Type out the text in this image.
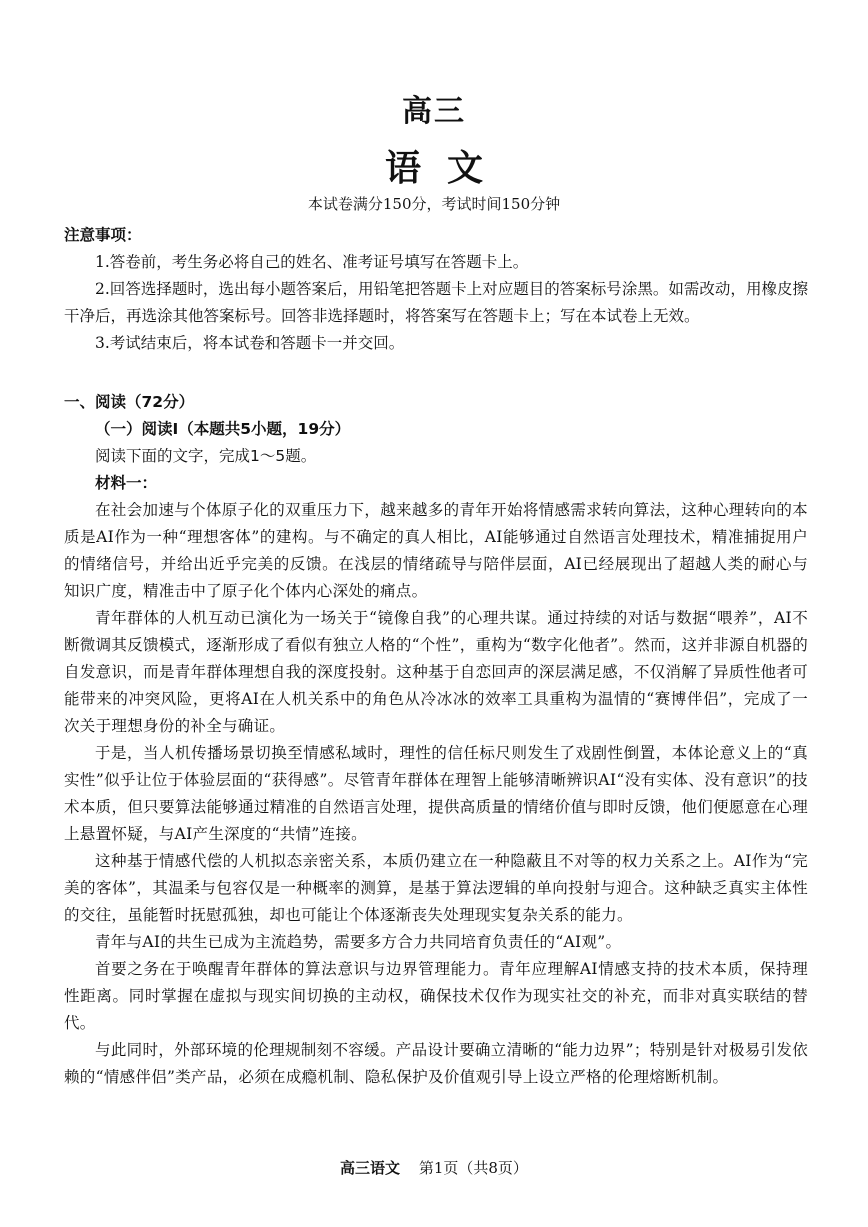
高三
语文
本试卷满分150分，考试时间150分钟
注意事项：

1.答卷前，考生务必将自己的姓名、准考证号填写在答题卡上。

2.回答选择题时，选出每小题答案后，用铅笔把答题卡上对应题目的答案标号涂黑。如需改动，用橡皮擦干净后，再选涂其他答案标号。回答非选择题时，将答案写在答题卡上；写在本试卷上无效。

3.考试结束后，将本试卷和答题卡一并交回。

一、阅读（72分）

（一）阅读Ⅰ（本题共5小题，19分）

阅读下面的文字，完成1～5题。

材料一：

在社会加速与个体原子化的双重压力下，越来越多的青年开始将情感需求转向算法，这种心理转向的本质是AI作为一种“理想客体”的建构。与不确定的真人相比，AI能够通过自然语言处理技术，精准捕捉用户的情绪信号，并给出近乎完美的反馈。在浅层的情绪疏导与陪伴层面，AI已经展现出了超越人类的耐心与知识广度，精准击中了原子化个体内心深处的痛点。

青年群体的人机互动已演化为一场关于“镜像自我”的心理共谋。通过持续的对话与数据“喂养”，AI不断微调其反馈模式，逐渐形成了看似有独立人格的“个性”，重构为“数字化他者”。然而，这并非源自机器的自发意识，而是青年群体理想自我的深度投射。这种基于自恋回声的深层满足感，不仅消解了异质性他者可能带来的冲突风险，更将AI在人机关系中的角色从冷冰冰的效率工具重构为温情的“赛博伴侣”，完成了一次关于理想身份的补全与确证。

于是，当人机传播场景切换至情感私域时，理性的信任标尺则发生了戏剧性倒置，本体论意义上的“真实性”似乎让位于体验层面的“获得感”。尽管青年群体在理智上能够清晰辨识AI“没有实体、没有意识”的技术本质，但只要算法能够通过精准的自然语言处理，提供高质量的情绪价值与即时反馈，他们便愿意在心理上悬置怀疑，与AI产生深度的“共情”连接。

这种基于情感代偿的人机拟态亲密关系，本质仍建立在一种隐蔽且不对等的权力关系之上。AI作为“完美的客体”，其温柔与包容仅是一种概率的测算，是基于算法逻辑的单向投射与迎合。这种缺乏真实主体性的交往，虽能暂时抚慰孤独，却也可能让个体逐渐丧失处理现实复杂关系的能力。

青年与AI的共生已成为主流趋势，需要多方合力共同培育负责任的“AI观”。

首要之务在于唤醒青年群体的算法意识与边界管理能力。青年应理解AI情感支持的技术本质，保持理性距离。同时掌握在虚拟与现实间切换的主动权，确保技术仅作为现实社交的补充，而非对真实联结的替代。

与此同时，外部环境的伦理规制刻不容缓。产品设计要确立清晰的“能力边界”；特别是针对极易引发依赖的“情感伴侣”类产品，必须在成瘾机制、隐私保护及价值观引导上设立严格的伦理熔断机制。

高三语文 第1页（共8页）
